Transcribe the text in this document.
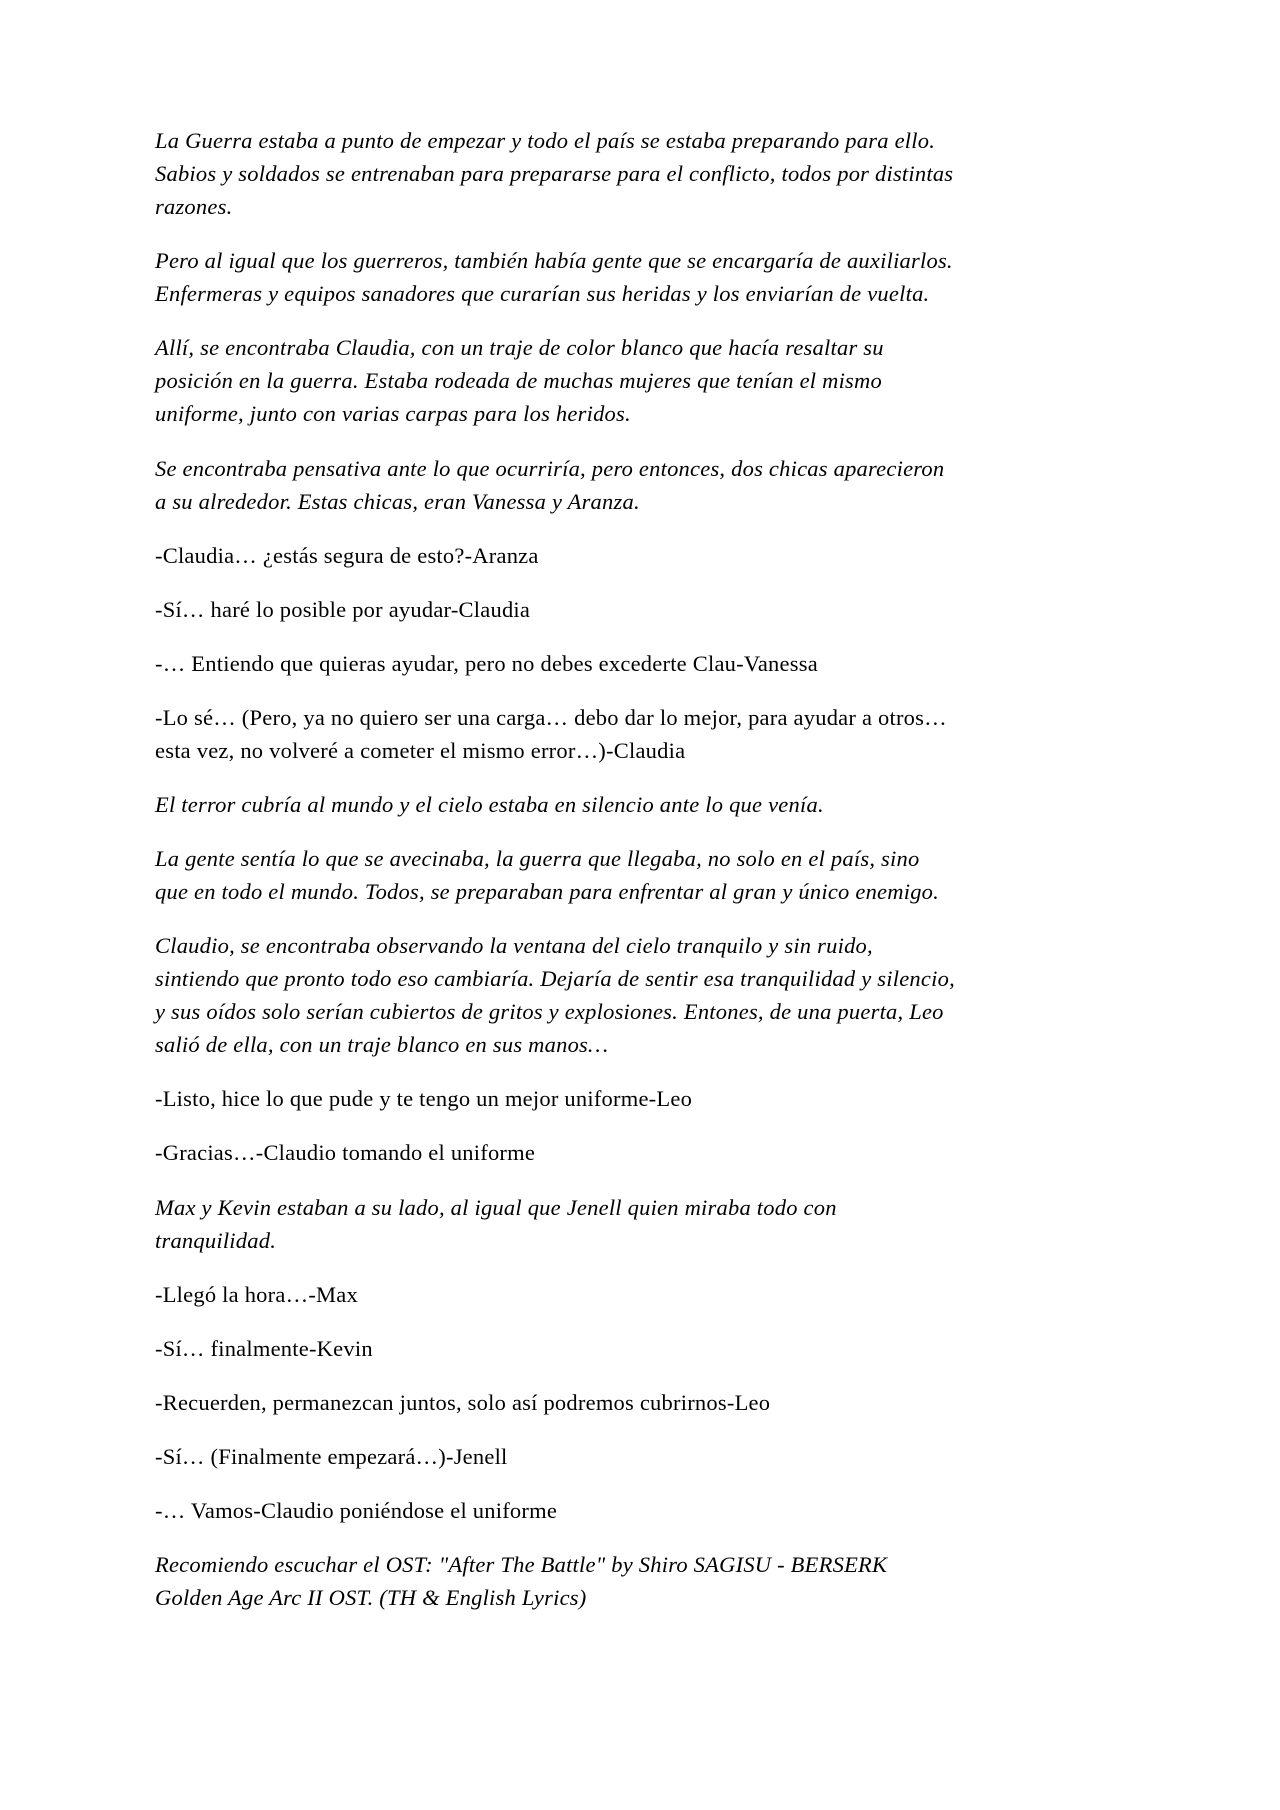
La Guerra estaba a punto de empezar y todo el país se estaba preparando para ello. Sabios y soldados se entrenaban para prepararse para el conflicto, todos por distintas razones.

Pero al igual que los guerreros, también había gente que se encargaría de auxiliarlos. Enfermeras y equipos sanadores que curarían sus heridas y los enviarían de vuelta.

Allí, se encontraba Claudia, con un traje de color blanco que hacía resaltar su posición en la guerra. Estaba rodeada de muchas mujeres que tenían el mismo uniforme, junto con varias carpas para los heridos.

Se encontraba pensativa ante lo que ocurriría, pero entonces, dos chicas aparecieron a su alrededor. Estas chicas, eran Vanessa y Aranza.

-Claudia… ¿estás segura de esto?-Aranza

-Sí… haré lo posible por ayudar-Claudia

-… Entiendo que quieras ayudar, pero no debes excederte Clau-Vanessa

-Lo sé… (Pero, ya no quiero ser una carga… debo dar lo mejor, para ayudar a otros… esta vez, no volveré a cometer el mismo error…)-Claudia

El terror cubría al mundo y el cielo estaba en silencio ante lo que venía.

La gente sentía lo que se avecinaba, la guerra que llegaba, no solo en el país, sino que en todo el mundo. Todos, se preparaban para enfrentar al gran y único enemigo.

Claudio, se encontraba observando la ventana del cielo tranquilo y sin ruido, sintiendo que pronto todo eso cambiaría. Dejaría de sentir esa tranquilidad y silencio, y sus oídos solo serían cubiertos de gritos y explosiones. Entones, de una puerta, Leo salió de ella, con un traje blanco en sus manos…

-Listo, hice lo que pude y te tengo un mejor uniforme-Leo

-Gracias…-Claudio tomando el uniforme

Max y Kevin estaban a su lado, al igual que Jenell quien miraba todo con tranquilidad.

-Llegó la hora…-Max

-Sí… finalmente-Kevin

-Recuerden, permanezcan juntos, solo así podremos cubrirnos-Leo

-Sí… (Finalmente empezará…)-Jenell

-… Vamos-Claudio poniéndose el uniforme

Recomiendo escuchar el OST: "After The Battle" by Shiro SAGISU - BERSERK Golden Age Arc II OST. (TH & English Lyrics)
